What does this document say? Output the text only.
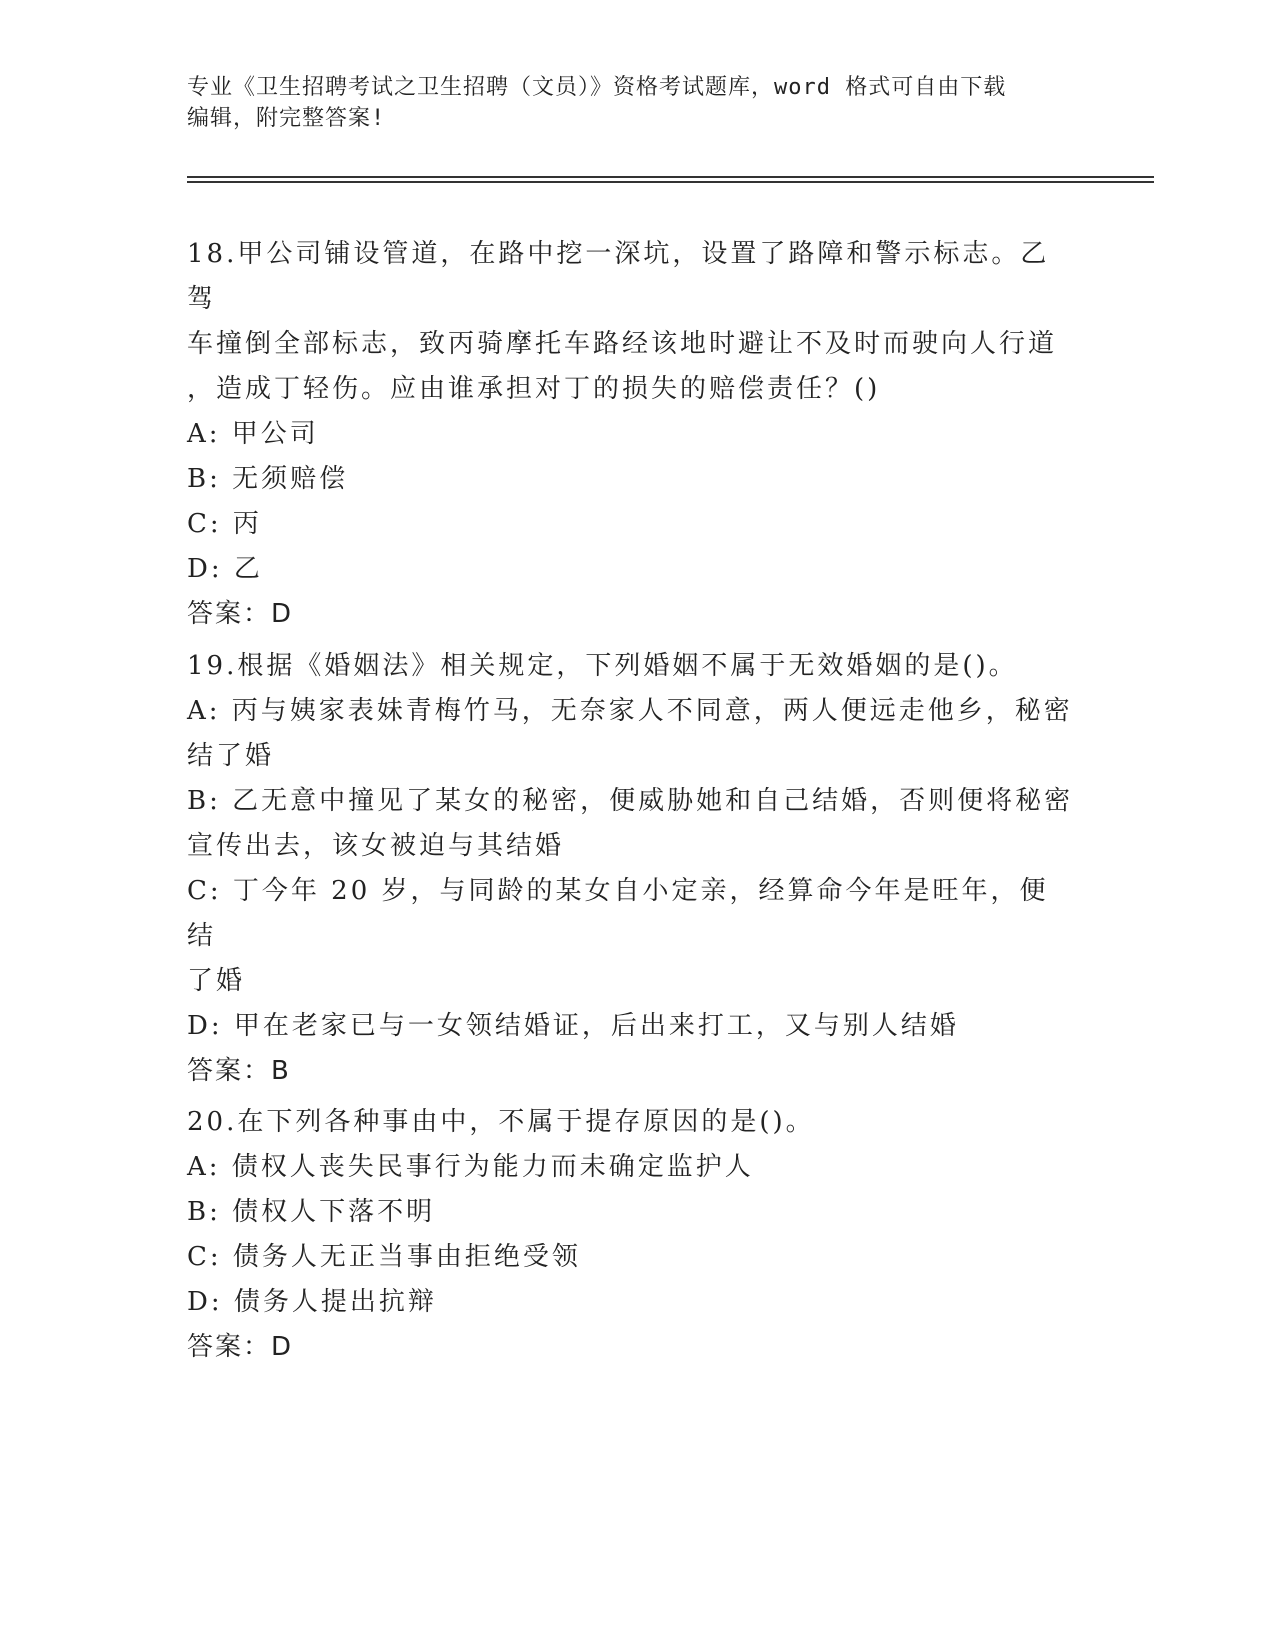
专业《卫生招聘考试之卫生招聘（文员）》资格考试题库，word 格式可自由下载
编辑，附完整答案!
18.甲公司铺设管道，在路中挖一深坑，设置了路障和警示标志。乙驾
车撞倒全部标志，致丙骑摩托车路经该地时避让不及时而驶向人行道
，造成丁轻伤。应由谁承担对丁的损失的赔偿责任？()
A: 甲公司
B: 无须赔偿
C: 丙
D: 乙
答案：D
19.根据《婚姻法》相关规定，下列婚姻不属于无效婚姻的是()。
A: 丙与姨家表妹青梅竹马，无奈家人不同意，两人便远走他乡，秘密
结了婚
B: 乙无意中撞见了某女的秘密，便威胁她和自己结婚，否则便将秘密
宣传出去，该女被迫与其结婚
C: 丁今年 20 岁，与同龄的某女自小定亲，经算命今年是旺年，便结
了婚
D: 甲在老家已与一女领结婚证，后出来打工，又与别人结婚
答案：B
20.在下列各种事由中，不属于提存原因的是()。
A: 债权人丧失民事行为能力而未确定监护人
B: 债权人下落不明
C: 债务人无正当事由拒绝受领
D: 债务人提出抗辩
答案：D
